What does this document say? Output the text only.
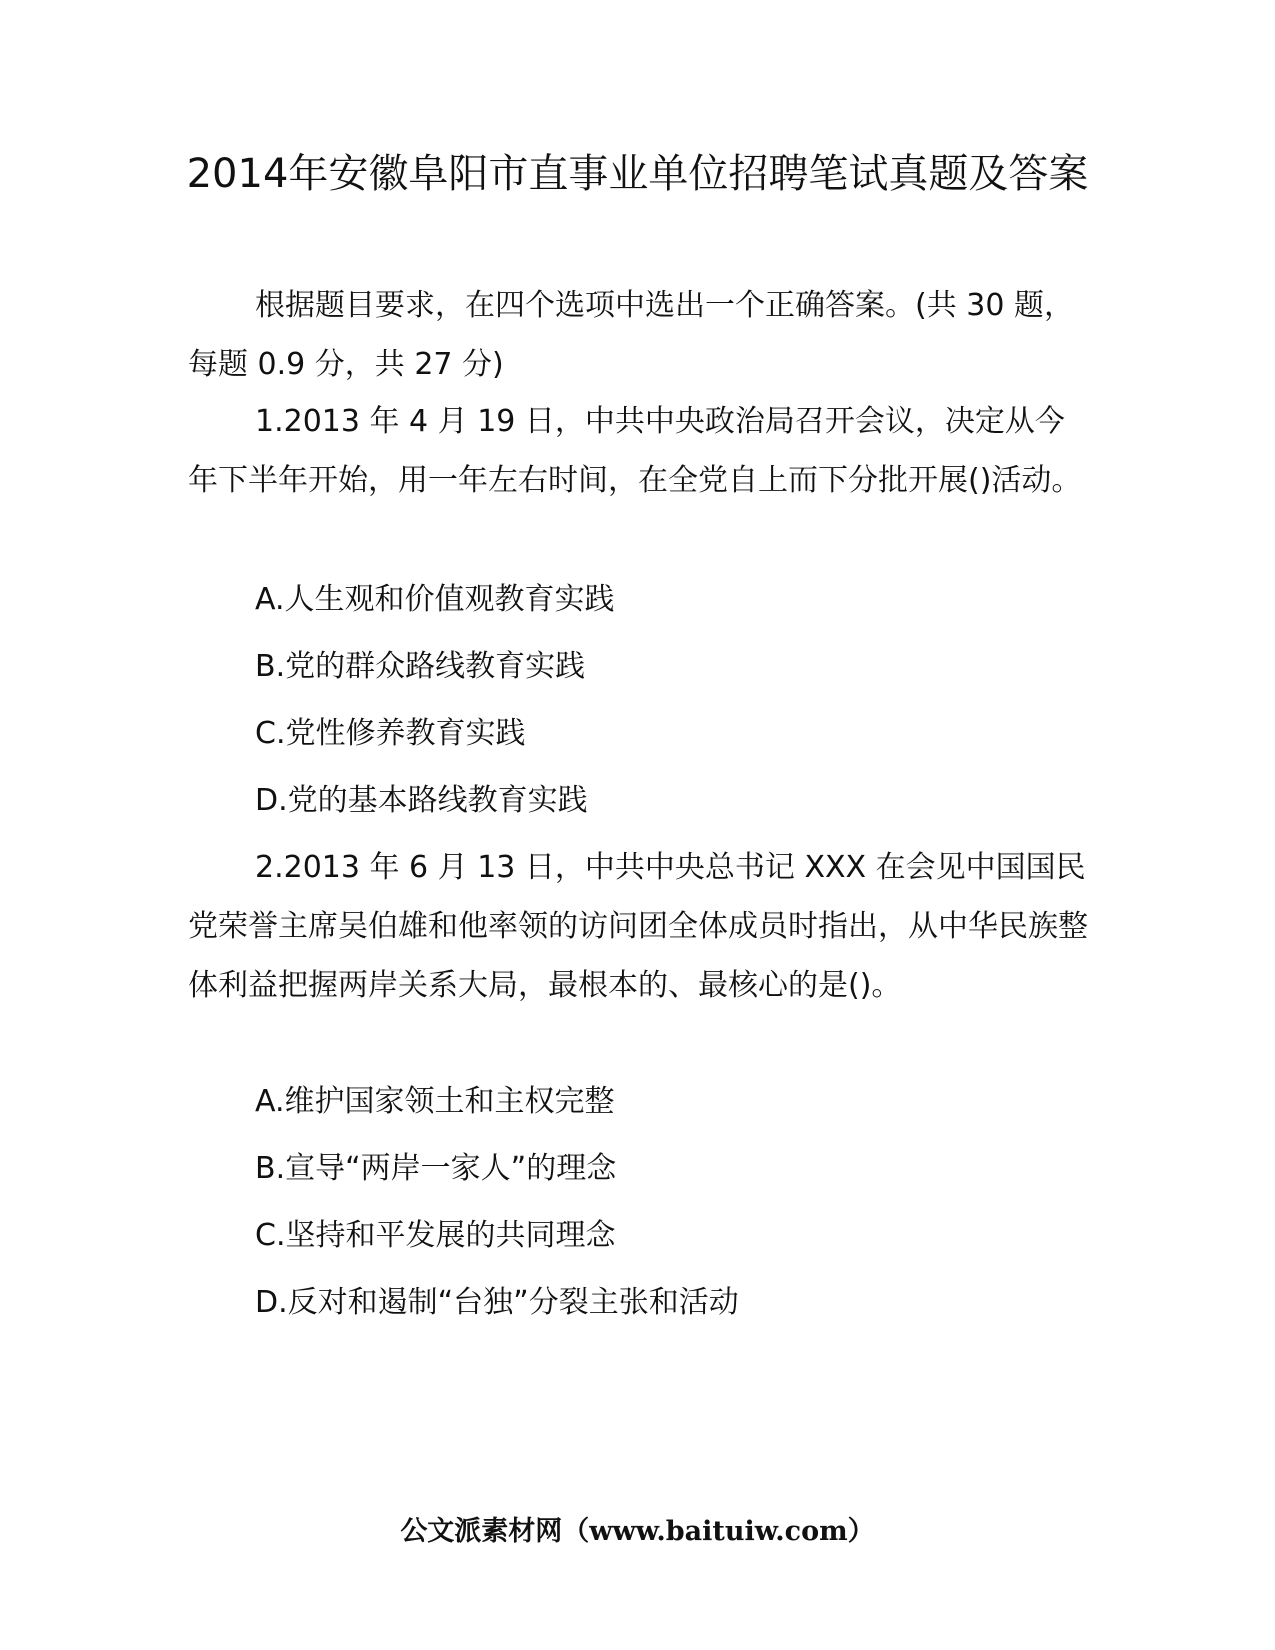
2014年安徽阜阳市直事业单位招聘笔试真题及答案

根据题目要求，在四个选项中选出一个正确答案。(共 30 题，每题 0.9 分，共 27 分)

1.2013 年 4 月 19 日，中共中央政治局召开会议，决定从今年下半年开始，用一年左右时间，在全党自上而下分批开展()活动。

A.人生观和价值观教育实践

B.党的群众路线教育实践

C.党性修养教育实践

D.党的基本路线教育实践

2.2013 年 6 月 13 日，中共中央总书记 XXX 在会见中国国民党荣誉主席吴伯雄和他率领的访问团全体成员时指出，从中华民族整体利益把握两岸关系大局，最根本的、最核心的是()。

A.维护国家领土和主权完整

B.宣导“两岸一家人”的理念

C.坚持和平发展的共同理念

D.反对和遏制“台独”分裂主张和活动

公文派素材网（www.baituiw.com）
